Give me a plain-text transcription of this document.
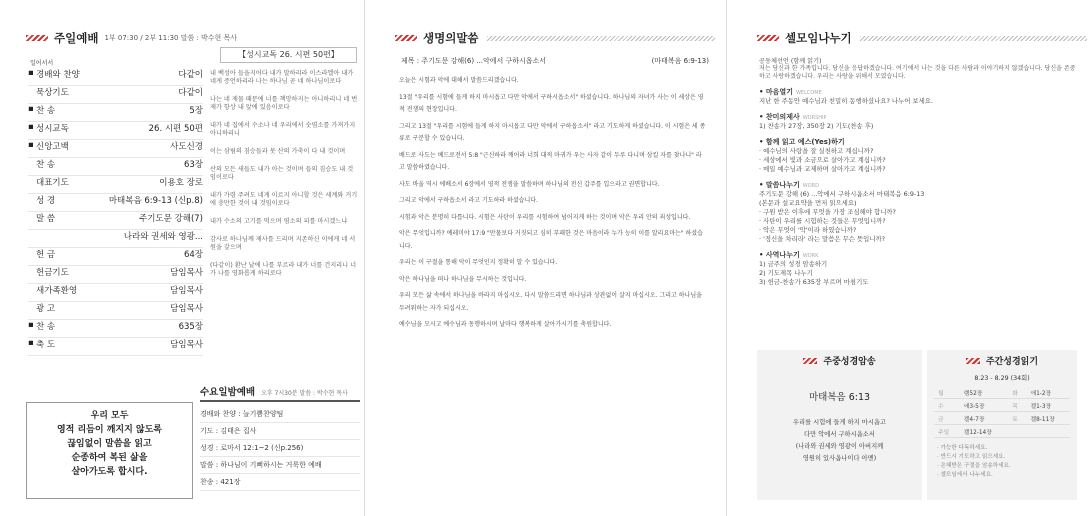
주일예배 1부 07:30 / 2부 11:30 말씀 : 박수현 목사
【성시교독 26. 시편 50편】
일어서서
▪ 경배와 찬양	다같이
묵상기도	다같이
▪ 찬 송	5장
▪ 성시교독	26. 시편 50편
▪ 신앙고백	사도신경
찬 송	63장
대표기도	이용호 장로
성 경	마태복음 6:9-13 (신p.8)
말 씀	주기도문 강해(7)
나라와 권세와 영광...
헌 금	64장
헌금기도	담임목사
새가족환영	담임목사
광 고	담임목사
▪ 찬 송	635장
▪ 축 도	담임목사
내 백성아 들을지어다 내가 말하리라 이스라엘아 내가 네게 증언하리라 나는 하나님 곧 네 하나님이로다
나는 네 제물 때문에 너를 책망하지는 아니하리니 네 번제가 항상 내 앞에 있음이로다
내가 네 집에서 수소나 네 우리에서 숫염소를 가져가지 아니하리니
이는 삼림의 짐승들과 뭇 산의 가축이 다 내 것이며
산의 모든 새들도 내가 아는 것이며 들의 짐승도 내 것임이로다
내가 가령 주려도 네게 이르지 아니할 것은 세계와 거기에 충만한 것이 내 것임이로다
내가 수소의 고기를 먹으며 염소의 피를 마시겠느냐
감사로 하나님께 제사를 드리며 지존하신 이에게 네 서원을 갚으며
(다같이) 환난 날에 나를 부르라 내가 너를 건지리니 너가 나를 영화롭게 하리로다
우리 모두
영적 리듬이 깨지지 않도록
끊임없이 말씀을 읽고
순종하여 복된 삶을
살아가도록 합시다.
수요일밤예배 오후 7시30분 말씀 : 박수현 목사
경배와 찬양 : 늘기쁨찬양팀
기도 : 김태은 집사
성경 : 로마서 12:1~2 (신p.256)
말씀 : 하나님이 기뻐하시는 거룩한 예배
찬송 : 421장
생명의말씀
제목 : 주기도문 강해(6) ...악에서 구하시옵소서	(마태복음 6:9-13)
오늘은 시험과 악에 대해서 말씀드리겠습니다.
13절 "우리를 시험에 들게 하지 마시옵고 다만 악에서 구하시옵소서" 하셨습니다. 하나님의 자녀가 사는 이 세상은 영적 전쟁의 현장입니다.
그리고 13절 "우리를 시험에 들게 하지 마시옵고 다만 악에서 구하옵소서" 라고 기도하게 하셨습니다. 이 시험은 세 종류로 구분할 수 있습니다.
베드로 사도는 베드로전서 5:8 "근신하라 깨어라 너희 대적 마귀가 우는 사자 같이 두루 다니며 삼킬 자를 찾나니" 라고 말씀하였습니다.
사도 바울 역시 에베소서 6장에서 영적 전쟁을 말씀하며 하나님의 전신 갑주를 입으라고 권면합니다.
그리고 악에서 구하옵소서 라고 기도하라 하셨습니다.
시험과 악은 분명히 다릅니다. 시험은 사탄이 우리를 시험하여 넘어지게 하는 것이며 악은 우리 안의 죄성입니다.
악은 무엇입니까? 예레미야 17:9 "만물보다 거짓되고 심히 부패한 것은 마음이라 누가 능히 이를 알리요마는" 하셨습니다.
우리는 이 구절을 통해 악이 무엇인지 정확히 알 수 있습니다.
악은 하나님을 떠나 하나님을 무시하는 것입니다.
우리 모든 삶 속에서 하나님을 바라지 마십시오. 다시 말씀드리면 하나님과 상관없이 살지 마십시오. 그리고 하나님을 두려워하는 자가 되십시오.
예수님을 모시고 예수님과 동행하시며 날마다 행복하게 살아가시기를 축원합니다.
셀모임나누기
공동체선언 (함께 읽기)
저는 당신과 한 가족입니다. 당신을 응답하겠습니다. 여기에서 나는 것을 다른 사람과 이야기하지 않겠습니다. 당신을 존중하고 사랑하겠습니다. 우리는 사랑을 위해서 모였습니다.
• 마음열기 WELCOME
지난 한 주동안 예수님과 친밀히 동행하셨나요? 나누어 보세요.
• 찬미의제사 WORSHIP
1) 찬송가 27장, 350장 2) 기도(찬송 후)
• 함께 읽고 예스(Yes)하기
· 예수님의 사랑을 잘 실천하고 계십니까?
· 세상에서 빛과 소금으로 살아가고 계십니까?
· 매일 예수님과 교제하며 살아가고 계십니까?
• 말씀나누기 WORD
주기도문 강해 (6) ...악에서 구하시옵소서 마태복음 6:9-13
(본문과 설교요약을 먼저 읽으세요)
· 구원 받은 이후에 무엇을 가장 조심해야 합니까?
· 사탄이 우리를 시험하는 것들은 무엇입니까?
· 악은 무엇이 '악'이라 하였습니까?
· '정신을 차리라' 라는 말씀은 무슨 뜻입니까?
• 사역나누기 WORK
1) 금주의 성경 암송하기
2) 기도제목 나누기
3) 헌금-찬송가 635장 부르며 마침기도
주중성경암송
마태복음 6:13
우리를 시험에 들게 하지 마시옵고
다만 악에서 구하시옵소서
(나라와 권세와 영광이 아버지께
영원히 있사옵나이다 아멘)
주간성경읽기
8.23 - 8.29 (34회)
월	렘52장	화	애1-2장
수	애3-5장	목	겔1-3장
금	겔4-7장	토	겔8-11장
주일	겔12-14장		
· 가능한 다독하세요.
· 반드시 기도하고 읽으세요.
· 은혜받은 구절을 암송하세요.
· 셀모임에서 나누세요.
